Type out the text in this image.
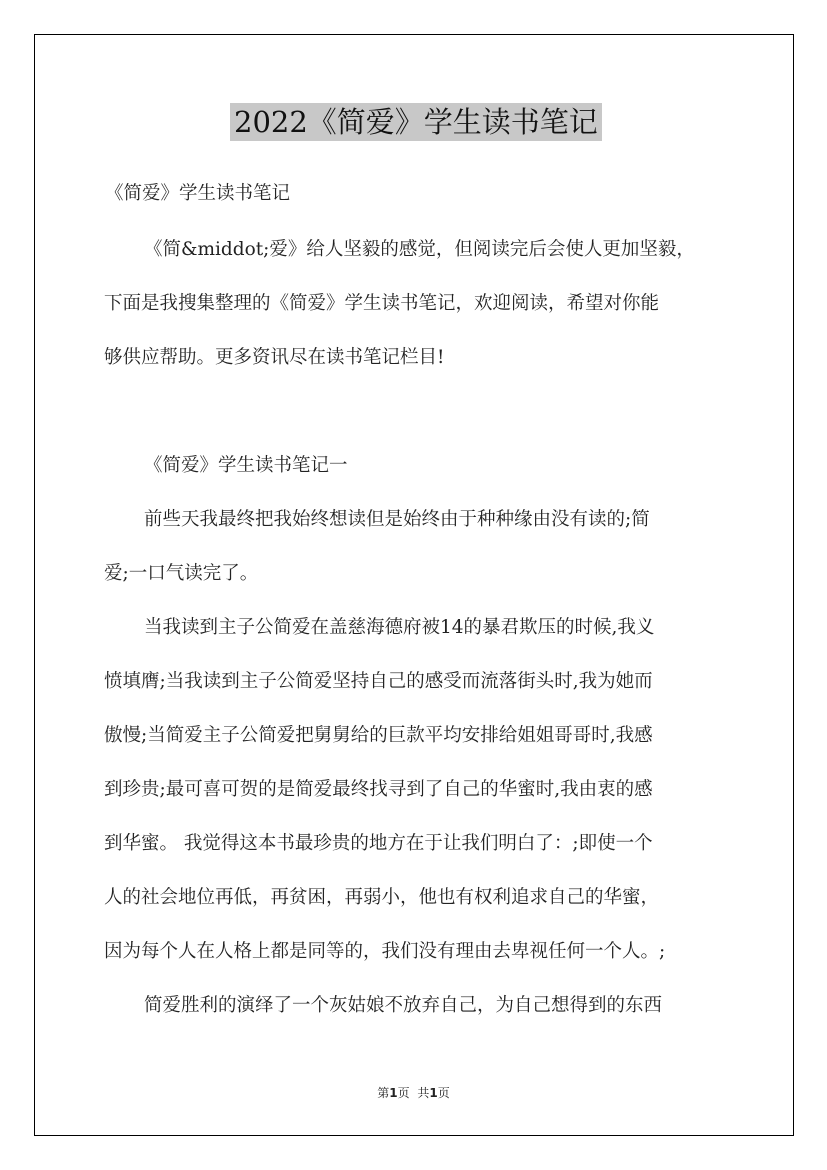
2022《简爱》学生读书笔记
《简爱》学生读书笔记
《简&middot;爱》给人坚毅的感觉，但阅读完后会使人更加坚毅，
下面是我搜集整理的《简爱》学生读书笔记，欢迎阅读，希望对你能
够供应帮助。更多资讯尽在读书笔记栏目!
《简爱》学生读书笔记一
前些天我最终把我始终想读但是始终由于种种缘由没有读的;简
爱;一口气读完了。
当我读到主子公简爱在盖慈海德府被14的暴君欺压的时候,我义
愤填膺;当我读到主子公简爱坚持自己的感受而流落街头时,我为她而
傲慢;当简爱主子公简爱把舅舅给的巨款平均安排给姐姐哥哥时,我感
到珍贵;最可喜可贺的是简爱最终找寻到了自己的华蜜时,我由衷的感
到华蜜。 我觉得这本书最珍贵的地方在于让我们明白了：;即使一个
人的社会地位再低，再贫困，再弱小，他也有权利追求自己的华蜜，
因为每个人在人格上都是同等的，我们没有理由去卑视任何一个人。;
简爱胜利的演绎了一个灰姑娘不放弃自己，为自己想得到的东西
第1页 共1页
